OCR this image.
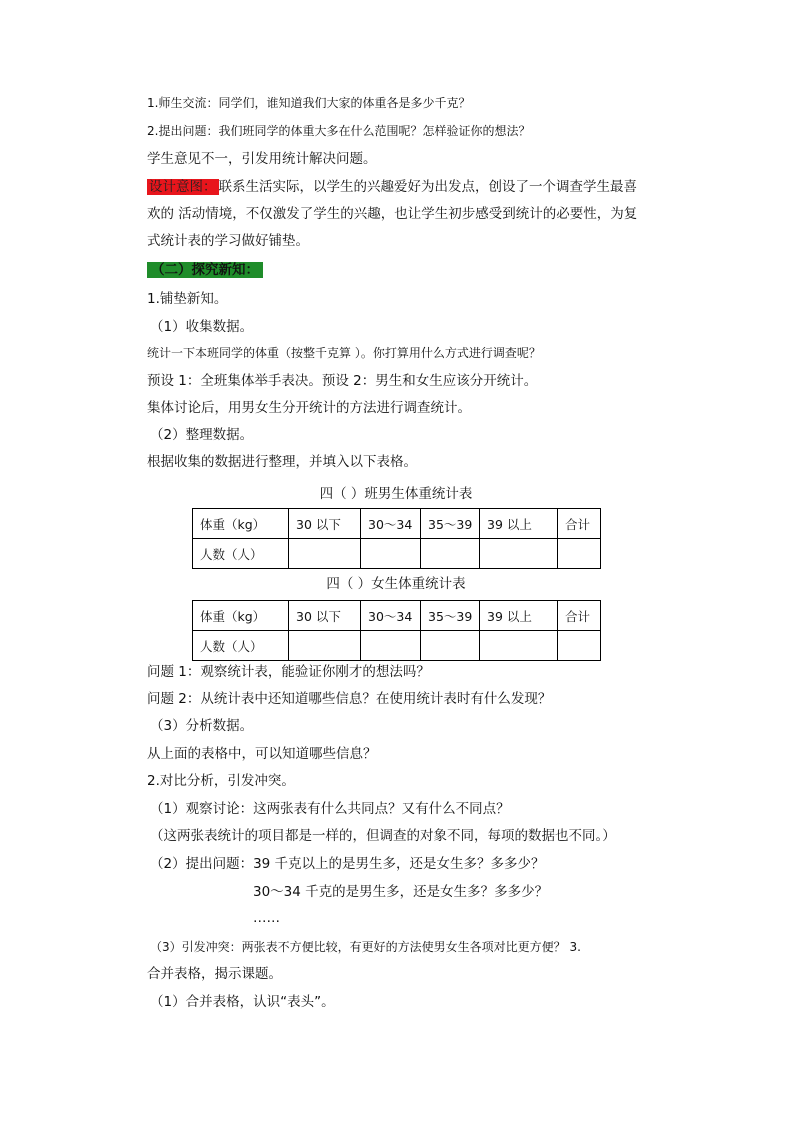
1.师生交流：同学们，谁知道我们大家的体重各是多少千克？
2.提出问题：我们班同学的体重大多在什么范围呢？怎样验证你的想法？
学生意见不一，引发用统计解决问题。
设计意图： 联系生活实际，以学生的兴趣爱好为出发点，创设了一个调查学生最喜欢的 活动情境，不仅激发了学生的兴趣，也让学生初步感受到统计的必要性，为复式统计表的学习做好铺垫。
（二）探究新知：
1.铺垫新知。
（1）收集数据。
统计一下本班同学的体重（按整千克算 ）。你打算用什么方式进行调查呢？
预设 1：全班集体举手表决。预设 2：男生和女生应该分开统计。
集体讨论后，用男女生分开统计的方法进行调查统计。
（2）整理数据。
根据收集的数据进行整理，并填入以下表格。
四（ ）班男生体重统计表
体重（kg）	30 以下	30～34	35～39	39 以上	合计
人数（人）					
四（ ）女生体重统计表
体重（kg）	30 以下	30～34	35～39	39 以上	合计
人数（人）					
问题 1：观察统计表，能验证你刚才的想法吗？
问题 2：从统计表中还知道哪些信息？在使用统计表时有什么发现？
（3）分析数据。
从上面的表格中，可以知道哪些信息？
2.对比分析，引发冲突。
（1）观察讨论：这两张表有什么共同点？又有什么不同点？
（这两张表统计的项目都是一样的，但调查的对象不同，每项的数据也不同。）
（2）提出问题：39 千克以上的是男生多，还是女生多？多多少？
30～34 千克的是男生多，还是女生多？多多少？
……
（3）引发冲突：两张表不方便比较，有更好的方法使男女生各项对比更方便？ 3.
合并表格，揭示课题。
（1）合并表格，认识“表头”。
